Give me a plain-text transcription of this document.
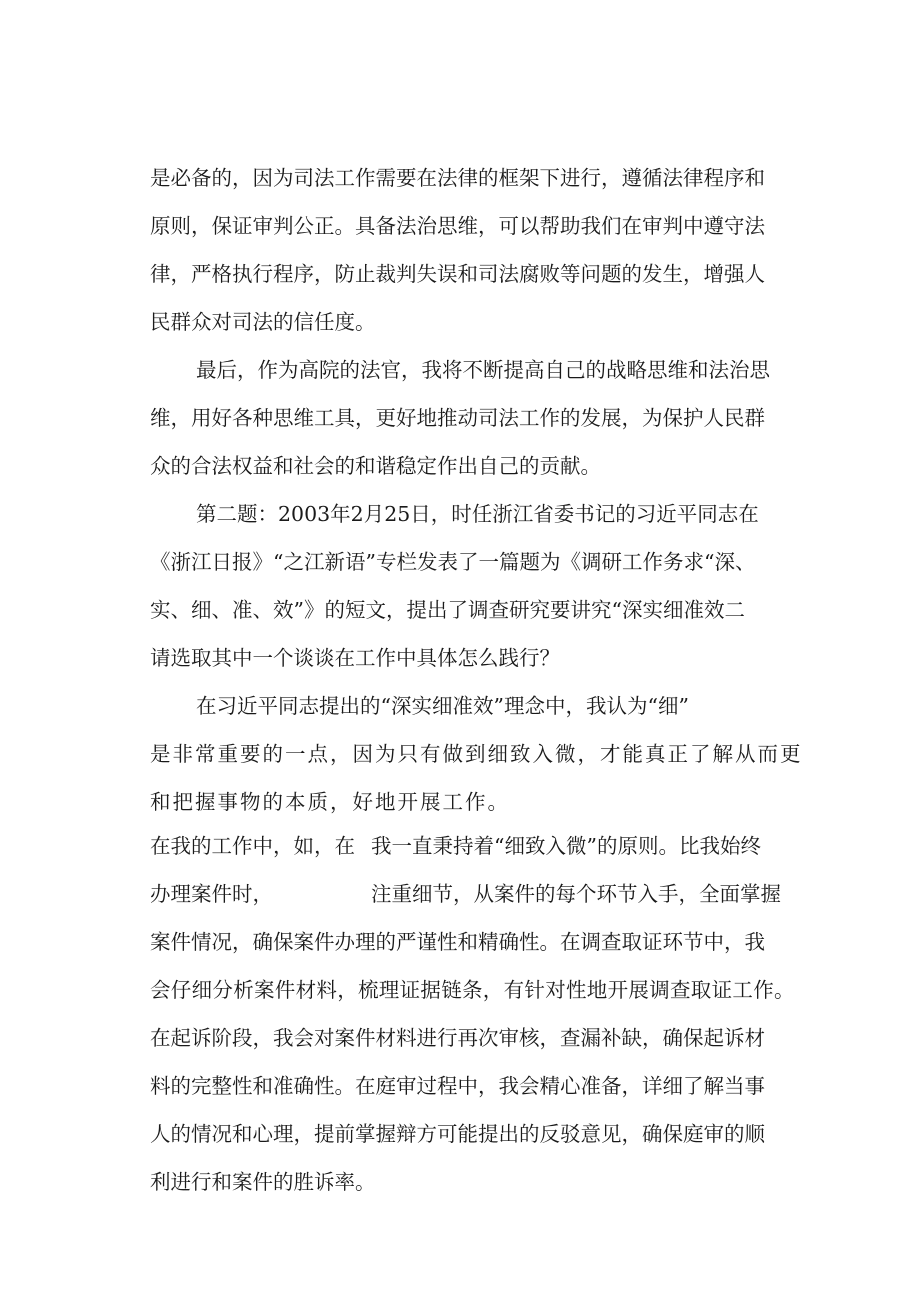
是必备的，因为司法工作需要在法律的框架下进行，遵循法律程序和
原则，保证审判公正。具备法治思维，可以帮助我们在审判中遵守法
律，严格执行程序，防止裁判失误和司法腐败等问题的发生，增强人
民群众对司法的信任度。
最后，作为高院的法官，我将不断提高自己的战略思维和法治思
维，用好各种思维工具，更好地推动司法工作的发展，为保护人民群
众的合法权益和社会的和谐稳定作出自己的贡献。
第二题：2003年2月25日，时任浙江省委书记的习近平同志在
《浙江日报》“之江新语”专栏发表了一篇题为《调研工作务求“深、
实、细、准、效”》的短文，提出了调查研究要讲究“深实细准效二
请选取其中一个谈谈在工作中具体怎么践行？
在习近平同志提出的“深实细准效”理念中，我认为“细”
是非常重要的一点，因为只有做到细致入微，才能真正了解从而更
和把握事物的本质，好地开展工作。
在我的工作中，如，在 我一直秉持着“细致入微”的原则。比我始终
办理案件时，	注重细节，从案件的每个环节入手，全面掌握
案件情况，确保案件办理的严谨性和精确性。在调查取证环节中，我
会仔细分析案件材料，梳理证据链条，有针对性地开展调查取证工作。
在起诉阶段，我会对案件材料进行再次审核，查漏补缺，确保起诉材
料的完整性和准确性。在庭审过程中，我会精心准备，详细了解当事
人的情况和心理，提前掌握辩方可能提出的反驳意见，确保庭审的顺
利进行和案件的胜诉率。
